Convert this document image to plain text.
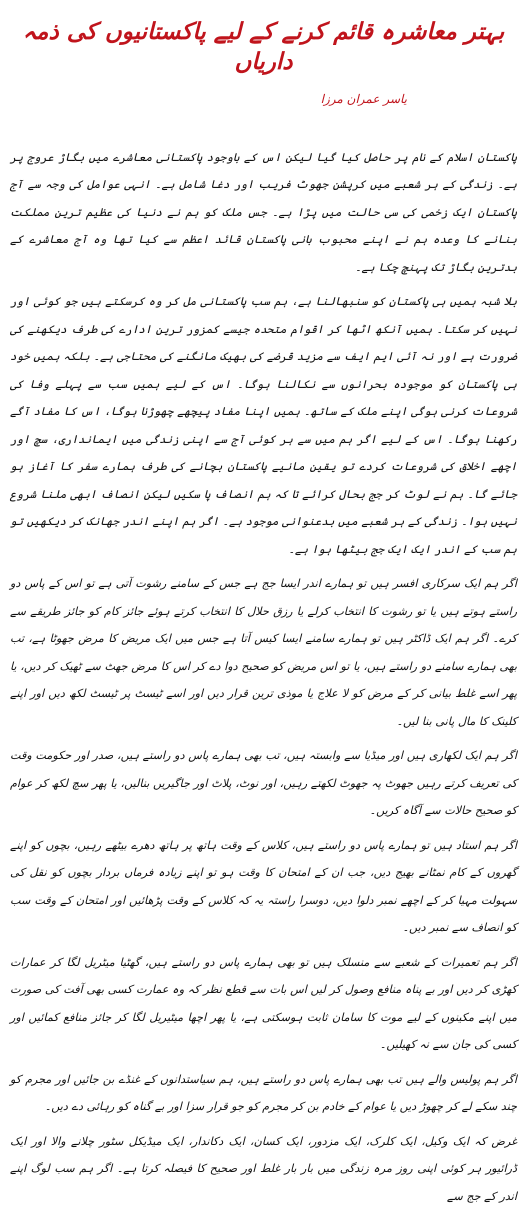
بہتر معاشرہ قائم کرنے کے لیے پاکستانیوں کی ذمہ داریاں
یاسر عمران مرزا

پاکستان اسلام کے نام پر حاصل کیا گیا لیکن اس کے باوجود پاکستانی معاشرے میں بگاڑ عروج پر ہے۔ زندگی کے ہر شعبے میں کرپشن جھوٹ فریب اور دغا شامل ہے۔ انہی عوامل کی وجہ سے آج پاکستان ایک زخمی کی سی حالت میں پڑا ہے۔ جس ملک کو ہم نے دنیا کی عظیم ترین مملکت بنانے کا وعدہ ہم نے اپنے محبوب بانی پاکستان قائد اعظم سے کیا تھا وہ آج معاشرے کے بدترین بگاڑ تک پہنچ چکا ہے۔

بلا شبہ ہمیں ہی پاکستان کو سنبھالنا ہے، ہم سب پاکستانی مل کر وہ کرسکتے ہیں جو کوئی اور نہیں کر سکتا۔ ہمیں آنکھ اٹھا کر اقوام متحدہ جیسے کمزور ترین ادارے کی طرف دیکھنے کی ضرورت ہے اور نہ آئی ایم ایف سے مزید قرضے کی بھیک مانگنے کی محتاجی ہے۔ بلکہ ہمیں خود ہی پاکستان کو موجودہ بحرانوں سے نکالنا ہوگا۔ اس کے لیے ہمیں سب سے پہلے وفا کی شروعات کرنی ہوگی اپنے ملک کے ساتھ۔ ہمیں اپنا مفاد پیچھے چھوڑنا ہوگا، اس کا مفاد آگے رکھنا ہوگا۔ اس کے لیے اگر ہم میں سے ہر کوئی آج سے اپنی زندگی میں ایمانداری، سچ اور اچھے اخلاق کی شروعات کردے تو یقین مانیے پاکستان بچانے کی طرف ہمارے سفر کا آغاز ہو جائے گا۔ ہم نے لوٹ کر جج بحال کرائے تا کہ ہم انصاف پا سکیں لیکن انصاف ابھی ملنا شروع نہیں ہوا۔ زندگی کے ہر شعبے میں بدعنوانی موجود ہے۔ اگر ہم اپنے اندر جھانک کر دیکھیں تو ہم سب کے اندر ایک ایک جج بیٹھا ہوا ہے۔

اگر ہم ایک سرکاری افسر ہیں تو ہمارے اندر ایسا جج ہے جس کے سامنے رشوت آتی ہے تو اس کے پاس دو راستے ہوتے ہیں یا تو رشوت کا انتخاب کرلے یا رزق حلال کا انتخاب کرتے ہوئے جائز کام کو جائز طریقے سے کرے۔ اگر ہم ایک ڈاکٹر ہیں تو ہمارے سامنے ایسا کیس آتا ہے جس میں ایک مریض کا مرض جھوٹا ہے، تب بھی ہمارے سامنے دو راستے ہیں، یا تو اس مریض کو صحیح دوا دے کر اس کا مرض جھٹ سے ٹھیک کر دیں، یا پھر اسے غلط بیانی کر کے مرض کو لا علاج یا موذی ترین قرار دیں اور اسے ٹیسٹ پر ٹیسٹ لکھ دیں اور اپنے کلینک کا مال پانی بنا لیں۔

اگر ہم ایک لکھاری ہیں اور میڈیا سے وابستہ ہیں، تب بھی ہمارے پاس دو راستے ہیں، صدر اور حکومت وقت کی تعریف کرتے رہیں جھوٹ پہ جھوٹ لکھتے رہیں، اور نوٹ، پلاٹ اور جاگیریں بنالیں، یا پھر سچ لکھ کر عوام کو صحیح حالات سے آگاہ کریں۔

اگر ہم استاد ہیں تو ہمارے پاس دو راستے ہیں، کلاس کے وقت ہاتھ پر ہاتھ دھرے بیٹھے رہیں، بچوں کو اپنے گھروں کے کام نمٹانے بھیج دیں، جب ان کے امتحان کا وقت ہو تو اپنے زیادہ فرماں بردار بچوں کو نقل کی سہولت مہیا کر کے اچھے نمبر دلوا دیں، دوسرا راستہ یہ کہ کلاس کے وقت پڑھائیں اور امتحان کے وقت سب کو انصاف سے نمبر دیں۔

اگر ہم تعمیرات کے شعبے سے منسلک ہیں تو بھی ہمارے پاس دو راستے ہیں، گھٹیا میٹریل لگا کر عمارات کھڑی کر دیں اور بے پناہ منافع وصول کر لیں اس بات سے قطع نظر کہ وہ عمارت کسی بھی آفت کی صورت میں اپنے مکینوں کے لیے موت کا سامان ثابت ہوسکتی ہے، یا پھر اچھا میٹیریل لگا کر جائز منافع کمائیں اور کسی کی جان سے نہ کھیلیں۔

اگر ہم پولیس والے ہیں تب بھی ہمارے پاس دو راستے ہیں، ہم سیاستدانوں کے غنڈے بن جائیں اور مجرم کو چند سکے لے کر چھوڑ دیں یا عوام کے خادم بن کر مجرم کو جو قرار سزا اور بے گناہ کو رہائی دے دیں۔

غرض کہ ایک وکیل، ایک کلرک، ایک مزدور، ایک کسان، ایک دکاندار، ایک میڈیکل سٹور چلانے والا اور ایک ڈرائیور ہر کوئی اپنی روز مرہ زندگی میں بار بار غلط اور صحیح کا فیصلہ کرتا ہے۔ اگر ہم سب لوگ اپنے اندر کے جج سے
